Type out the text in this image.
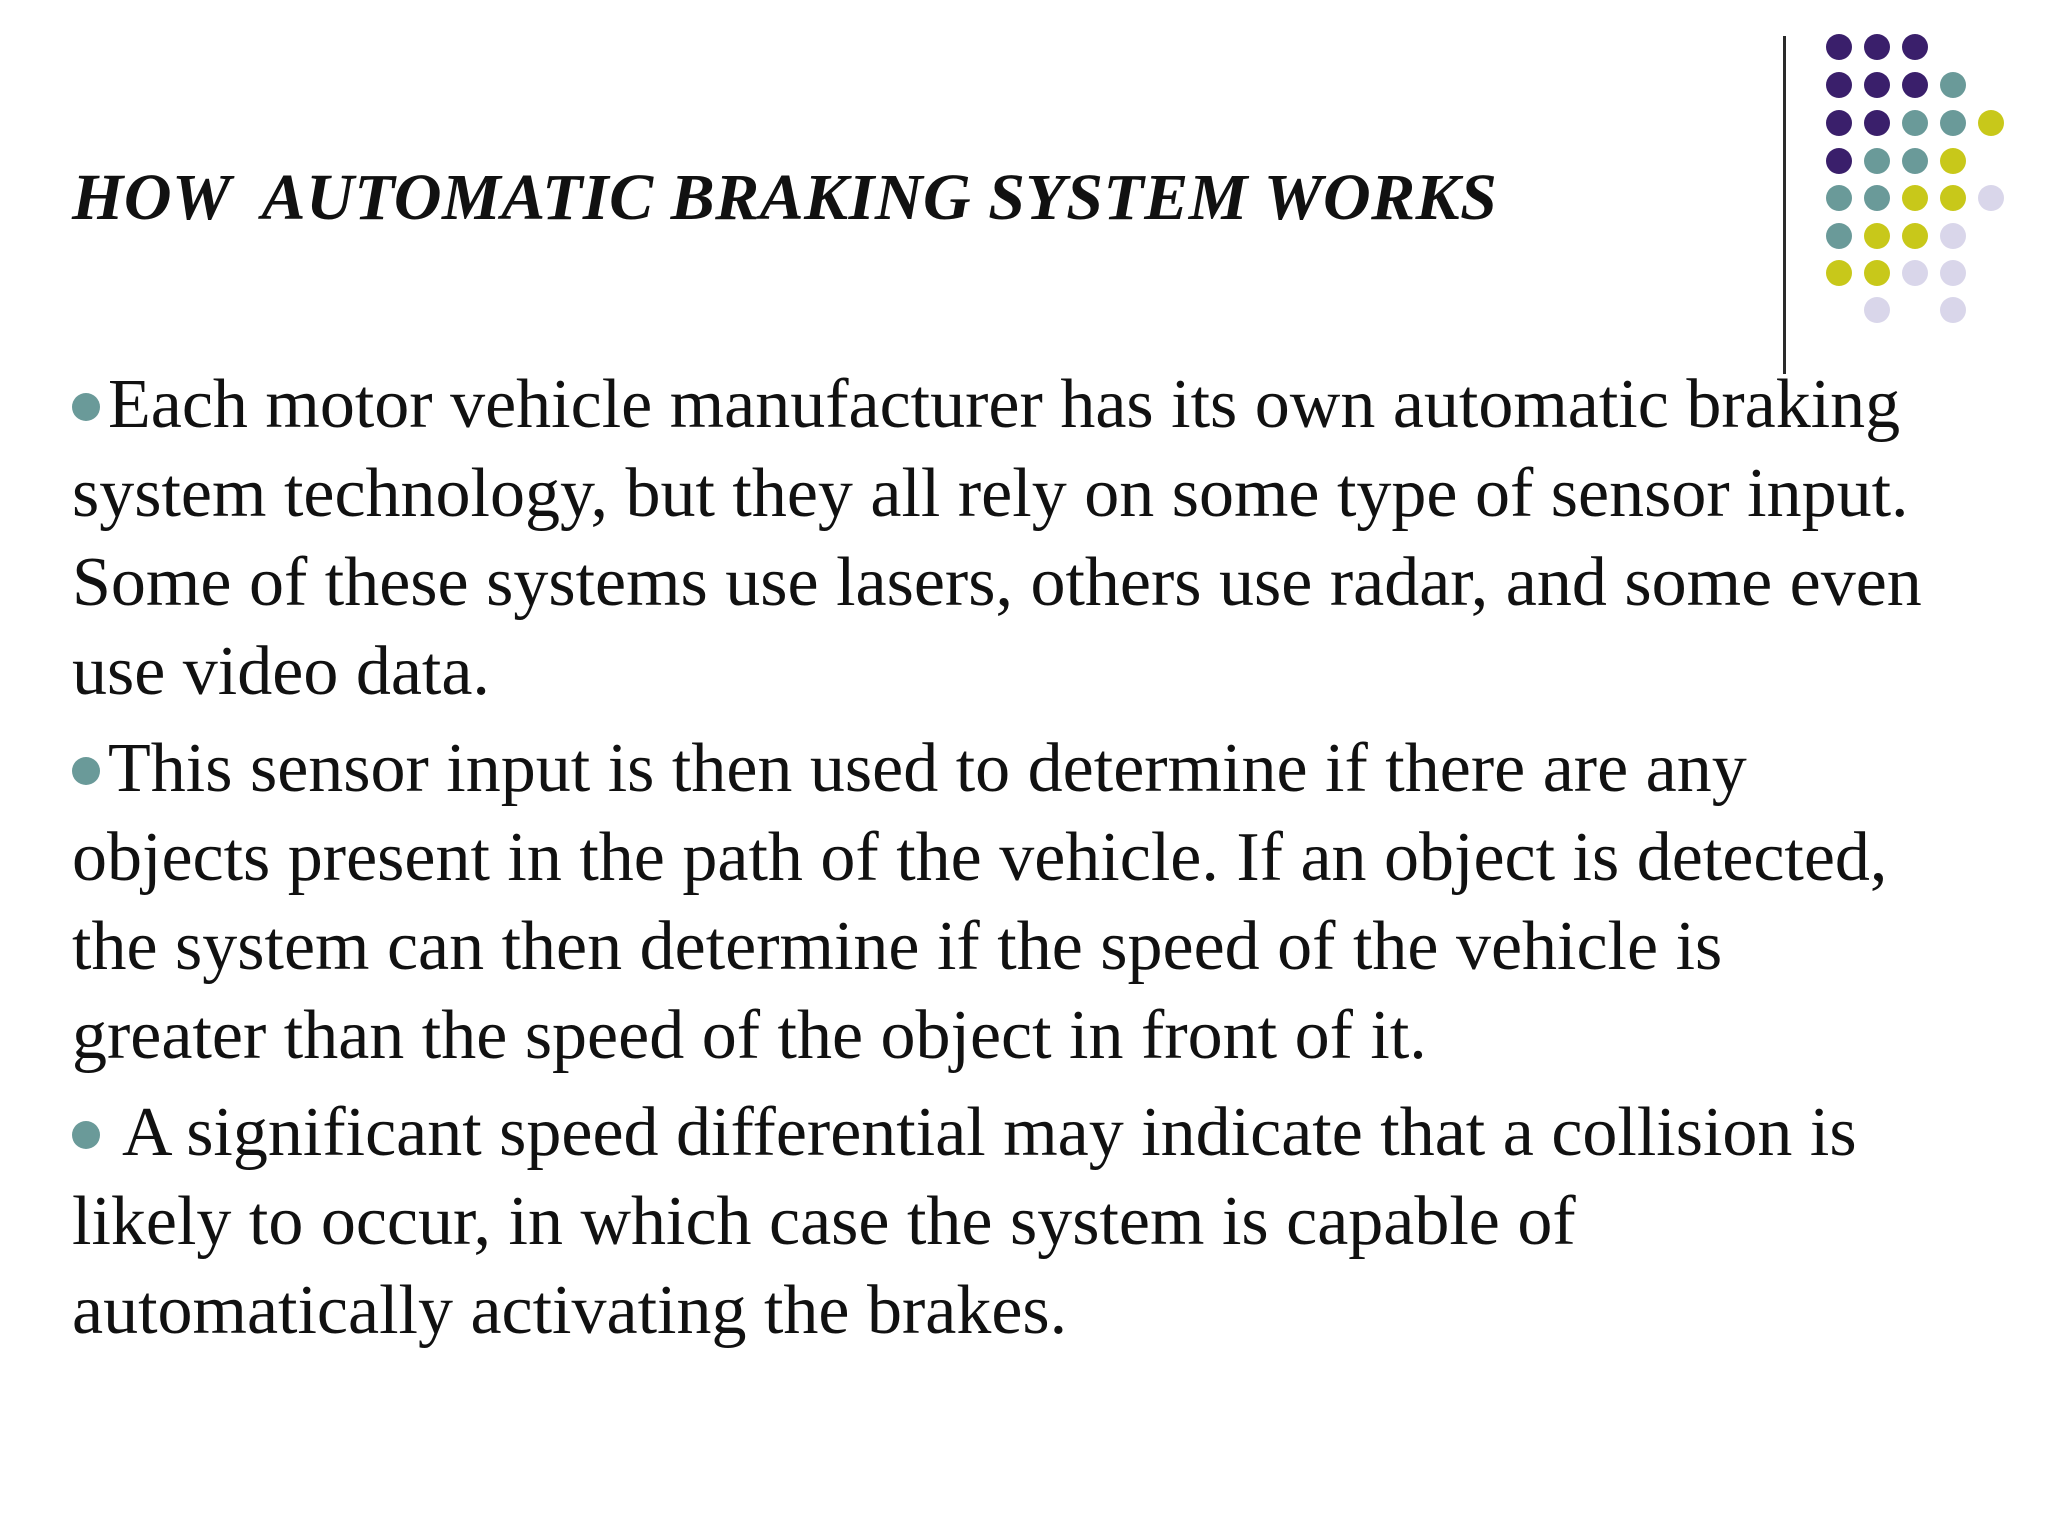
HOW  AUTOMATIC BRAKING SYSTEM WORKS
Each motor vehicle manufacturer has its own automatic braking system technology, but they all rely on some type of sensor input. Some of these systems use lasers, others use radar, and some even use video data.
This sensor input is then used to determine if there are any objects present in the path of the vehicle. If an object is detected, the system can then determine if the speed of the vehicle is greater than the speed of the object in front of it.
A significant speed differential may indicate that a collision is likely to occur, in which case the system is capable of automatically activating the brakes.
